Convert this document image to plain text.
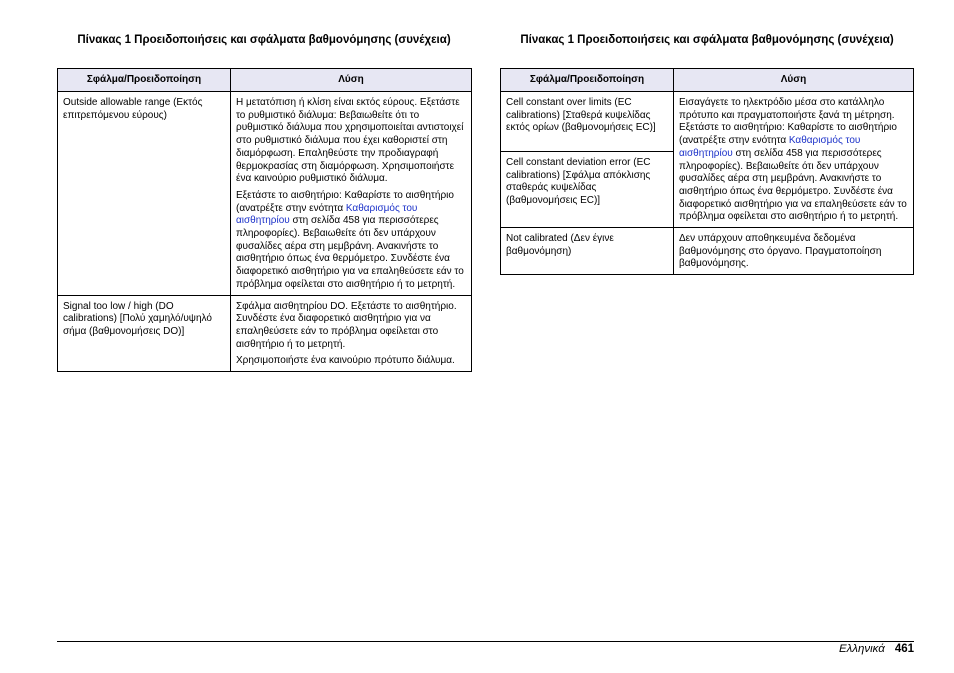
Πίνακας 1 Προειδοποιήσεις και σφάλματα βαθμονόμησης (συνέχεια)	Πίνακας 1 Προειδοποιήσεις και σφάλματα βαθμονόμησης (συνέχεια)
Σφάλμα/Προειδοποίηση	Λύση
Outside allowable range (Εκτός επιτρεπόμενου εύρους)	Η μετατόπιση ή κλίση είναι εκτός εύρους. Εξετάστε το ρυθμιστικό διάλυμα: Βεβαιωθείτε ότι το ρυθμιστικό διάλυμα που χρησιμοποιείται αντιστοιχεί στο ρυθμιστικό διάλυμα που έχει καθοριστεί στη διαμόρφωση. Επαληθεύστε την προδιαγραφή θερμοκρασίας στη διαμόρφωση. Χρησιμοποιήστε ένα καινούριο ρυθμιστικό διάλυμα.

Εξετάστε το αισθητήριο: Καθαρίστε το αισθητήριο (ανατρέξτε στην ενότητα Καθαρισμός του αισθητηρίου στη σελίδα 458 για περισσότερες πληροφορίες). Βεβαιωθείτε ότι δεν υπάρχουν φυσαλίδες αέρα στη μεμβράνη. Ανακινήστε το αισθητήριο όπως ένα θερμόμετρο. Συνδέστε ένα διαφορετικό αισθητήριο για να επαληθεύσετε εάν το πρόβλημα οφείλεται στο αισθητήριο ή το μετρητή.

Signal too low / high (DO calibrations) [Πολύ χαμηλό/υψηλό σήμα (βαθμονομήσεις DO)]	Σφάλμα αισθητηρίου DO. Εξετάστε το αισθητήριο. Συνδέστε ένα διαφορετικό αισθητήριο για να επαληθεύσετε εάν το πρόβλημα οφείλεται στο αισθητήριο ή το μετρητή.

Χρησιμοποιήστε ένα καινούριο πρότυπο διάλυμα.

Σφάλμα/Προειδοποίηση	Λύση
Cell constant over limits (EC calibrations) [Σταθερά κυψελίδας εκτός ορίων (βαθμονομήσεις EC)]	Εισαγάγετε το ηλεκτρόδιο μέσα στο κατάλληλο πρότυπο και πραγματοποιήστε ξανά τη μέτρηση. Εξετάστε το αισθητήριο: Καθαρίστε το αισθητήριο (ανατρέξτε στην ενότητα Καθαρισμός του αισθητηρίου στη σελίδα 458 για περισσότερες πληροφορίες). Βεβαιωθείτε ότι δεν υπάρχουν φυσαλίδες αέρα στη μεμβράνη. Ανακινήστε το αισθητήριο όπως ένα θερμόμετρο. Συνδέστε ένα διαφορετικό αισθητήριο για να επαληθεύσετε εάν το πρόβλημα οφείλεται στο αισθητήριο ή το μετρητή.

Cell constant deviation error (EC calibrations) [Σφάλμα απόκλισης σταθεράς κυψελίδας (βαθμονομήσεις EC)]	
Not calibrated (Δεν έγινε βαθμονόμηση)	Δεν υπάρχουν αποθηκευμένα δεδομένα βαθμονόμησης στο όργανο. Πραγματοποίηση βαθμονόμησης.
Ελληνικά 461
